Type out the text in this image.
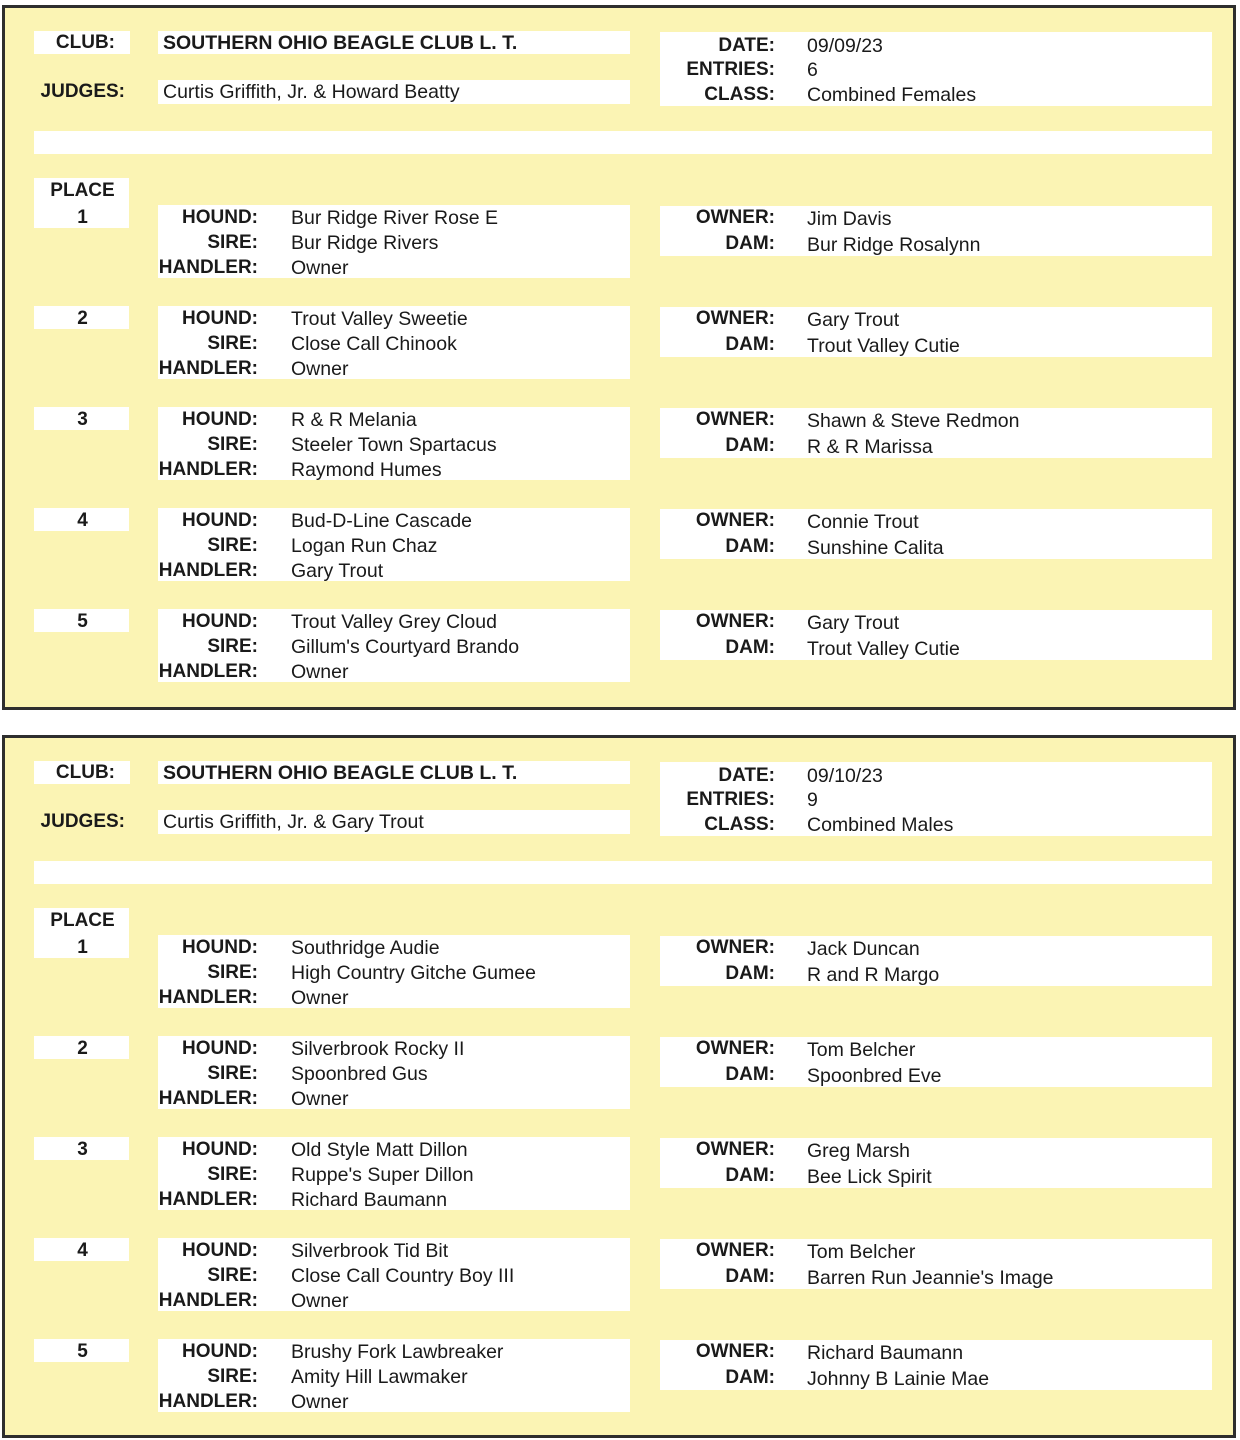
CLUB: SOUTHERN OHIO BEAGLE CLUB L. T.
JUDGES: Curtis Griffith, Jr. & Howard Beatty
DATE: 09/09/23
ENTRIES: 6
CLASS: Combined Females
PLACE
1	HOUND: Bur Ridge River Rose E
SIRE: Bur Ridge Rivers
HANDLER: Owner
OWNER: Jim Davis
DAM: Bur Ridge Rosalynn
2	HOUND: Trout Valley Sweetie
SIRE: Close Call Chinook
HANDLER: Owner
OWNER: Gary Trout
DAM: Trout Valley Cutie
3	HOUND: R & R Melania
SIRE: Steeler Town Spartacus
HANDLER: Raymond Humes
OWNER: Shawn & Steve Redmon
DAM: R & R Marissa
4	HOUND: Bud-D-Line Cascade
SIRE: Logan Run Chaz
HANDLER: Gary Trout
OWNER: Connie Trout
DAM: Sunshine Calita
5	HOUND: Trout Valley Grey Cloud
SIRE: Gillum's Courtyard Brando
HANDLER: Owner
OWNER: Gary Trout
DAM: Trout Valley Cutie
CLUB: SOUTHERN OHIO BEAGLE CLUB L. T.
JUDGES: Curtis Griffith, Jr. & Gary Trout
DATE: 09/10/23
ENTRIES: 9
CLASS: Combined Males
PLACE
1	HOUND: Southridge Audie
SIRE: High Country Gitche Gumee
HANDLER: Owner
OWNER: Jack Duncan
DAM: R and R Margo
2	HOUND: Silverbrook Rocky II
SIRE: Spoonbred Gus
HANDLER: Owner
OWNER: Tom Belcher
DAM: Spoonbred Eve
3	HOUND: Old Style Matt Dillon
SIRE: Ruppe's Super Dillon
HANDLER: Richard Baumann
OWNER: Greg Marsh
DAM: Bee Lick Spirit
4	HOUND: Silverbrook Tid Bit
SIRE: Close Call Country Boy III
HANDLER: Owner
OWNER: Tom Belcher
DAM: Barren Run Jeannie's Image
5	HOUND: Brushy Fork Lawbreaker
SIRE: Amity Hill Lawmaker
HANDLER: Owner
OWNER: Richard Baumann
DAM: Johnny B Lainie Mae
